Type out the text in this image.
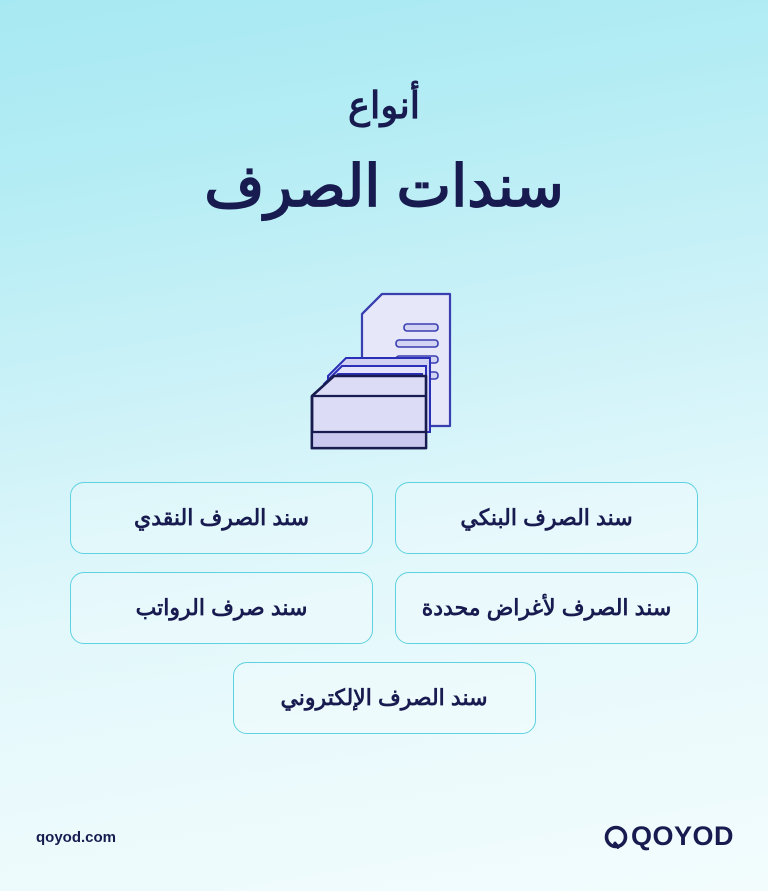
أنواع
سندات الصرف
سند الصرف البنكي
سند الصرف النقدي
سند الصرف لأغراض محددة
سند صرف الرواتب
سند الصرف الإلكتروني
qoyod.com	QOYOD
